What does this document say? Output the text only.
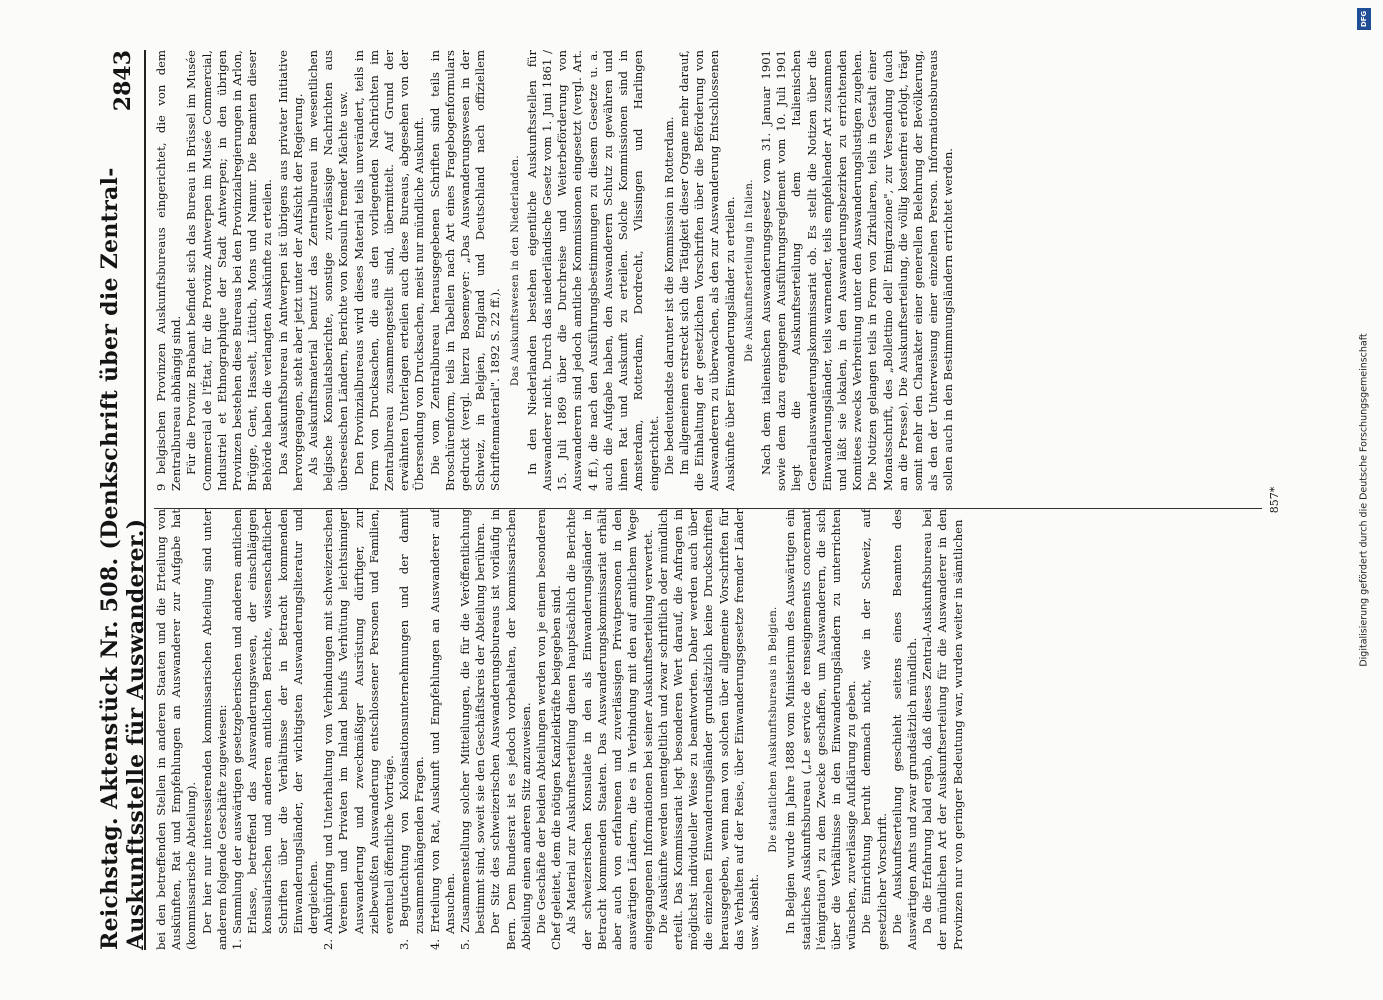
Reichstag. Aktenstück Nr. 508. (Denkschrift über die Zentral-Auskunftsstelle für Auswanderer.)
2843

bei den betreffenden Stellen in anderen Staaten und die Erteilung von Auskünften, Rat und Empfehlungen an Auswanderer zur Aufgabe hat (kommissarische Abteilung). Der hier nur interessierenden kommissarischen Abteilung sind unter anderem folgende Geschäfte zugewiesen: 1. Sammlung der auswärtigen gesetzgeberischen und anderen amtlichen Erlasse, betreffend das Auswanderungswesen, der einschlägigen konsularischen und anderen amtlichen Berichte, wissenschaftlicher Schriften über die Verhältnisse der in Betracht kommenden Einwanderungsländer, der wichtigsten Auswanderungsliteratur und dergleichen. 2. Anknüpfung und Unterhaltung von Verbindungen mit schweizerischen Vereinen und Privaten im Inland behufs Verhütung leichtsinniger Auswanderung und zweckmäßiger Ausrüstung dürftiger, zur zielbewußten Auswanderung entschlossener Personen und Familien, eventuell öffentliche Vorträge. 3. Begutachtung von Kolonisationsunternehmungen und der damit zusammenhängenden Fragen. 4. Erteilung von Rat, Auskunft und Empfehlungen an Auswanderer auf Ansuchen. 5. Zusammenstellung solcher Mitteilungen, die für die Veröffentlichung bestimmt sind, soweit sie den Geschäftskreis der Abteilung berühren. Der Sitz des schweizerischen Auswanderungsbureaus ist vorläufig in Bern. Dem Bundesrat ist es jedoch vorbehalten, der kommissarischen Abteilung einen anderen Sitz anzuweisen. Die Geschäfte der beiden Abteilungen werden von je einem besonderen Chef geleitet, dem die nötigen Kanzleikräfte beigegeben sind. Als Material zur Auskunftserteilung dienen hauptsächlich die Berichte der schweizerischen Konsulate in den als Einwanderungsländer in Betracht kommenden Staaten. Das Auswanderungskommissariat erhält aber auch von erfahrenen und zuverlässigen Privatpersonen in den auswärtigen Ländern, die es in Verbindung mit den auf amtlichem Wege eingegangenen Informationen bei seiner Auskunftserteilung verwertet. Die Auskünfte werden unentgeltlich und zwar schriftlich oder mündlich erteilt. Das Kommissariat legt besonderen Wert darauf, die Anfragen in möglichst individueller Weise zu beantworten. Daher werden auch über die einzelnen Einwanderungsländer grundsätzlich keine Druckschriften herausgegeben, wenn man von solchen über allgemeine Vorschriften für das Verhalten auf der Reise, über Einwanderungsgesetze fremder Länder usw. absieht.

Die staatlichen Auskunftsbureaus in Belgien. In Belgien wurde im Jahre 1888 vom Ministerium des Auswärtigen ein staatliches Auskunftsbureau („Le service de renseignements concernant l'émigration") zu dem Zwecke geschaffen, um Auswanderern, die sich über die Verhältnisse in den Einwanderungsländern zu unterrichten wünschen, zuverlässige Aufklärung zu geben. Die Einrichtung beruht demnach nicht, wie in der Schweiz, auf gesetzlicher Vorschrift. Die Auskunftserteilung geschieht seitens eines Beamten des Auswärtigen Amts und zwar grundsätzlich mündlich. Da die Erfahrung bald ergab, daß dieses Zentral-Auskunftsbureau bei der mündlichen Art der Auskunftserteilung für die Auswanderer in den Provinzen nur von geringer Bedeutung war, wurden weiter in sämtlichen

9 belgischen Provinzen Auskunftsbureaus eingerichtet, die von dem Zentralbureau abhängig sind. Für die Provinz Brabant befindet sich das Bureau in Brüssel im Musée Commercial de l'État, für die Provinz Antwerpen im Musée Commercial, Industriel et Ethnographique der Stadt Antwerpen; in den übrigen Provinzen bestehen diese Bureaus bei den Provinzialregierungen in Arlon, Brügge, Gent, Hasselt, Lüttich, Mons und Namur. Die Beamten dieser Behörde haben die verlangten Auskünfte zu erteilen. Das Auskunftsbureau in Antwerpen ist übrigens aus privater Initiative hervorgegangen, steht aber jetzt unter der Aufsicht der Regierung. Als Auskunftsmaterial benutzt das Zentralbureau im wesentlichen belgische Konsulatsberichte, sonstige zuverlässige Nachrichten aus überseeischen Ländern, Berichte von Konsuln fremder Mächte usw. Den Provinzialbureaus wird dieses Material teils unverändert, teils in Form von Drucksachen, die aus den vorliegenden Nachrichten im Zentralbureau zusammengestellt sind, übermittelt. Auf Grund der erwähnten Unterlagen erteilen auch diese Bureaus, abgesehen von der Übersendung von Drucksachen, meist nur mündliche Auskunft. Die vom Zentralbureau herausgegebenen Schriften sind teils in Broschürenform, teils in Tabellen nach Art eines Fragebogenformulars gedruckt (vergl. hierzu Bosemeyer: „Das Auswanderungswesen in der Schweiz, in Belgien, England und Deutschland nach offiziellem Schriftenmaterial". 1892 S. 22 ff.).

Das Auskunftswesen in den Niederlanden. In den Niederlanden bestehen eigentliche Auskunftsstellen für Auswanderer nicht. Durch das niederländische Gesetz vom 1. Juni 1861 / 15. Juli 1869 über die Durchreise und Weiterbeförderung von Auswanderern sind jedoch amtliche Kommissionen eingesetzt (vergl. Art. 4 ff.), die nach den Ausführungsbestimmungen zu diesem Gesetze u. a. auch die Aufgabe haben, den Auswanderern Schutz zu gewähren und ihnen Rat und Auskunft zu erteilen. Solche Kommissionen sind in Amsterdam, Rotterdam, Dordrecht, Vlissingen und Harlingen eingerichtet. Die bedeutendste darunter ist die Kommission in Rotterdam. Im allgemeinen erstreckt sich die Tätigkeit dieser Organe mehr darauf, die Einhaltung der gesetzlichen Vorschriften über die Beförderung von Auswanderern zu überwachen, als den zur Auswanderung Entschlossenen Auskünfte über Einwanderungsländer zu erteilen. Die Auskunftserteilung in Italien. Nach dem italienischen Auswanderungsgesetz vom 31. Januar 1901 sowie dem dazu ergangenen Ausführungsreglement vom 10. Juli 1901 liegt die Auskunftserteilung dem Italienischen Generalauswanderungskommissariat ob. Es stellt die Notizen über die Einwanderungsländer, teils warnender, teils empfehlender Art zusammen und läßt sie lokalen, in den Auswanderungsbezirken zu errichtenden Komitees zwecks Verbreitung unter den Auswanderungslustigen zugehen. Die Notizen gelangen teils in Form von Zirkularen, teils in Gestalt einer Monatsschrift, des „Bollettino dell' Emigrazione", zur Versendung (auch an die Presse). Die Auskunftserteilung, die völlig kostenfrei erfolgt, trägt somit mehr den Charakter einer generellen Belehrung der Bevölkerung, als den der Unterweisung einer einzelnen Person. Informationsbureaus sollen auch in den Bestimmungsländern errichtet werden.

857*	Digitalisierung gefördert durch die Deutsche Forschungsgemeinschaft
DFG
